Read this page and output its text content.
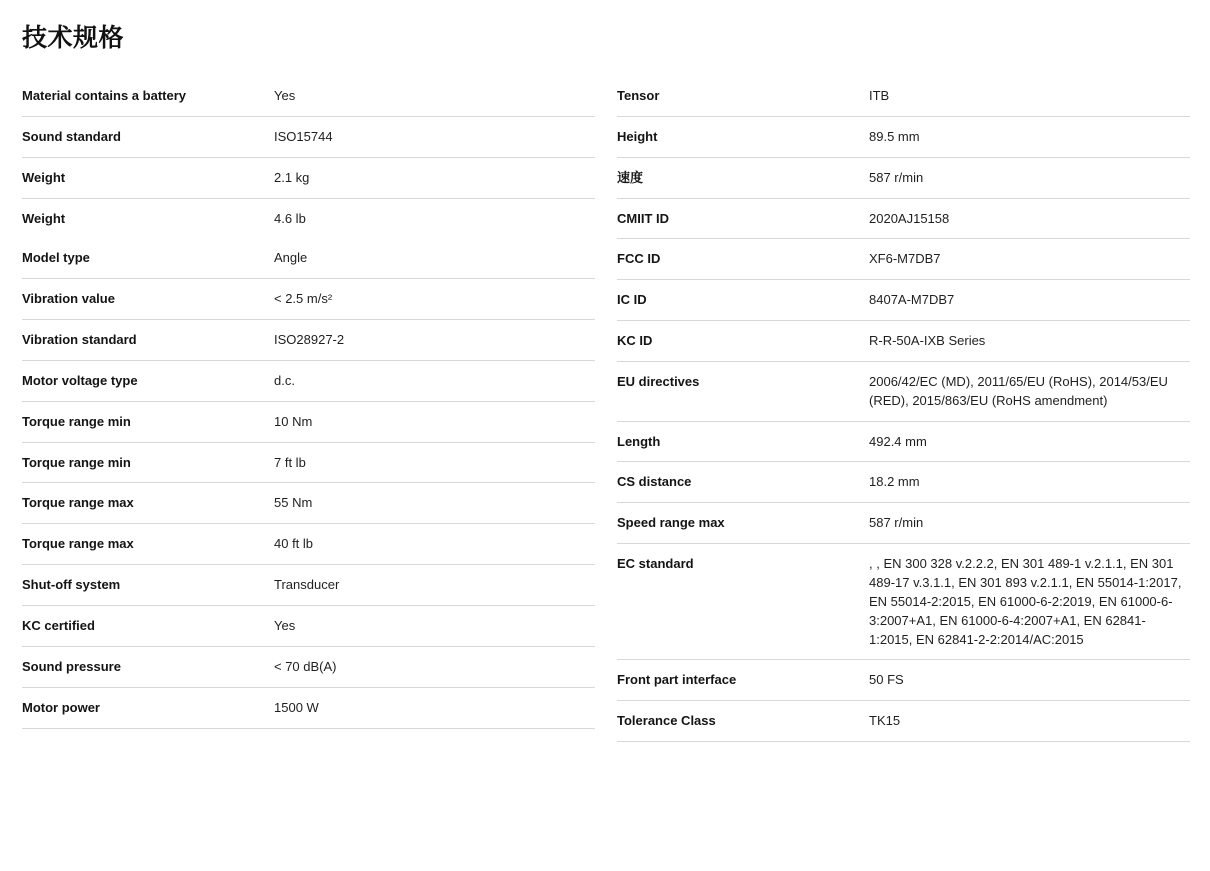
技术规格
Material contains a battery	Yes
Sound standard	ISO15744
Weight	2.1 kg
Weight	4.6 lb
Model type	Angle
Vibration value	< 2.5 m/s²
Vibration standard	ISO28927-2
Motor voltage type	d.c.
Torque range min	10 Nm
Torque range min	7 ft lb
Torque range max	55 Nm
Torque range max	40 ft lb
Shut-off system	Transducer
KC certified	Yes
Sound pressure	< 70 dB(A)
Motor power	1500 W
Tensor	ITB
Height	89.5 mm
速度	587 r/min
CMIIT ID	2020AJ15158
FCC ID	XF6-M7DB7
IC ID	8407A-M7DB7
KC ID	R-R-50A-IXB Series
EU directives	2006/42/EC (MD), 2011/65/EU (RoHS), 2014/53/EU (RED), 2015/863/EU (RoHS amendment)
Length	492.4 mm
CS distance	18.2 mm
Speed range max	587 r/min
EC standard	, , EN 300 328 v.2.2.2, EN 301 489-1 v.2.1.1, EN 301 489-17 v.3.1.1, EN 301 893 v.2.1.1, EN 55014-1:2017, EN 55014-2:2015, EN 61000-6-2:2019, EN 61000-6-3:2007+A1, EN 61000-6-4:2007+A1, EN 62841-1:2015, EN 62841-2-2:2014/AC:2015
Front part interface	50 FS
Tolerance Class	TK15
